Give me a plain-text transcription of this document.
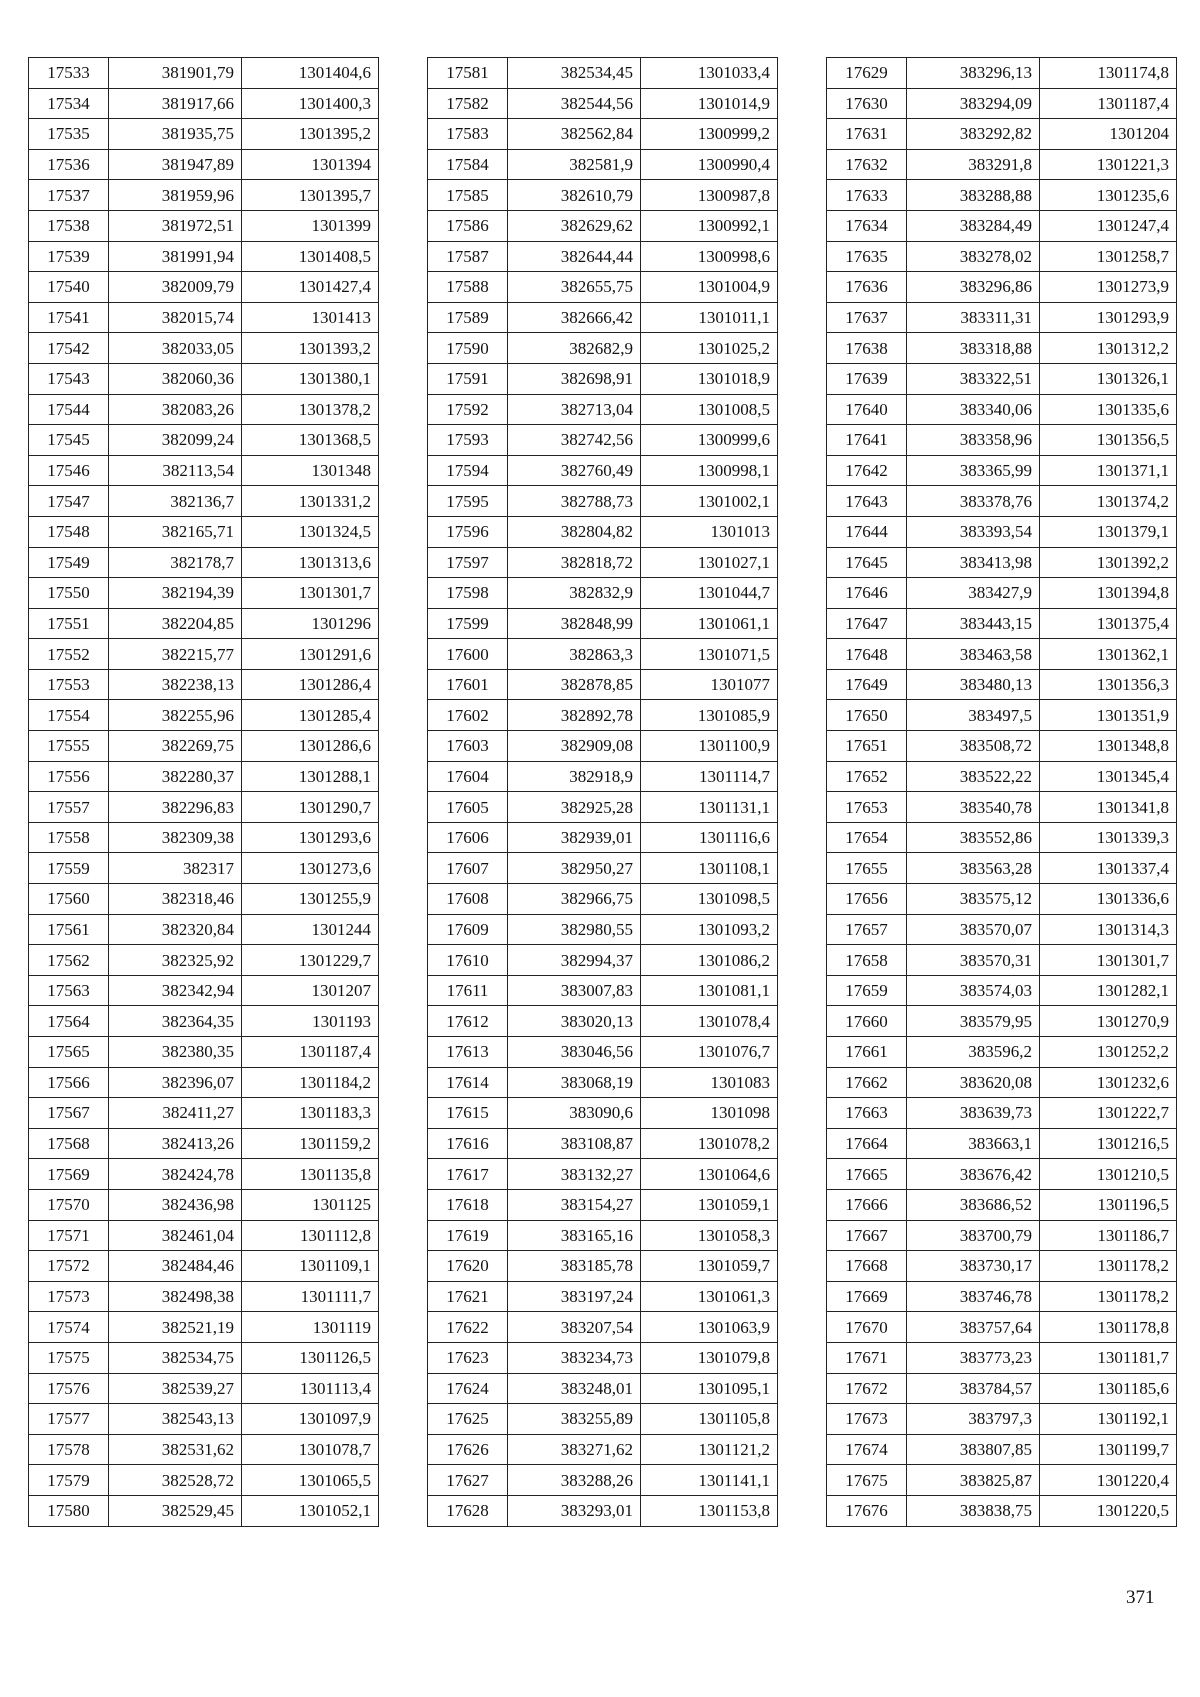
17533	381901,79	1301404,6
17534	381917,66	1301400,3
17535	381935,75	1301395,2
17536	381947,89	1301394
17537	381959,96	1301395,7
17538	381972,51	1301399
17539	381991,94	1301408,5
17540	382009,79	1301427,4
17541	382015,74	1301413
17542	382033,05	1301393,2
17543	382060,36	1301380,1
17544	382083,26	1301378,2
17545	382099,24	1301368,5
17546	382113,54	1301348
17547	382136,7	1301331,2
17548	382165,71	1301324,5
17549	382178,7	1301313,6
17550	382194,39	1301301,7
17551	382204,85	1301296
17552	382215,77	1301291,6
17553	382238,13	1301286,4
17554	382255,96	1301285,4
17555	382269,75	1301286,6
17556	382280,37	1301288,1
17557	382296,83	1301290,7
17558	382309,38	1301293,6
17559	382317	1301273,6
17560	382318,46	1301255,9
17561	382320,84	1301244
17562	382325,92	1301229,7
17563	382342,94	1301207
17564	382364,35	1301193
17565	382380,35	1301187,4
17566	382396,07	1301184,2
17567	382411,27	1301183,3
17568	382413,26	1301159,2
17569	382424,78	1301135,8
17570	382436,98	1301125
17571	382461,04	1301112,8
17572	382484,46	1301109,1
17573	382498,38	1301111,7
17574	382521,19	1301119
17575	382534,75	1301126,5
17576	382539,27	1301113,4
17577	382543,13	1301097,9
17578	382531,62	1301078,7
17579	382528,72	1301065,5
17580	382529,45	1301052,1
17581	382534,45	1301033,4
17582	382544,56	1301014,9
17583	382562,84	1300999,2
17584	382581,9	1300990,4
17585	382610,79	1300987,8
17586	382629,62	1300992,1
17587	382644,44	1300998,6
17588	382655,75	1301004,9
17589	382666,42	1301011,1
17590	382682,9	1301025,2
17591	382698,91	1301018,9
17592	382713,04	1301008,5
17593	382742,56	1300999,6
17594	382760,49	1300998,1
17595	382788,73	1301002,1
17596	382804,82	1301013
17597	382818,72	1301027,1
17598	382832,9	1301044,7
17599	382848,99	1301061,1
17600	382863,3	1301071,5
17601	382878,85	1301077
17602	382892,78	1301085,9
17603	382909,08	1301100,9
17604	382918,9	1301114,7
17605	382925,28	1301131,1
17606	382939,01	1301116,6
17607	382950,27	1301108,1
17608	382966,75	1301098,5
17609	382980,55	1301093,2
17610	382994,37	1301086,2
17611	383007,83	1301081,1
17612	383020,13	1301078,4
17613	383046,56	1301076,7
17614	383068,19	1301083
17615	383090,6	1301098
17616	383108,87	1301078,2
17617	383132,27	1301064,6
17618	383154,27	1301059,1
17619	383165,16	1301058,3
17620	383185,78	1301059,7
17621	383197,24	1301061,3
17622	383207,54	1301063,9
17623	383234,73	1301079,8
17624	383248,01	1301095,1
17625	383255,89	1301105,8
17626	383271,62	1301121,2
17627	383288,26	1301141,1
17628	383293,01	1301153,8
17629	383296,13	1301174,8
17630	383294,09	1301187,4
17631	383292,82	1301204
17632	383291,8	1301221,3
17633	383288,88	1301235,6
17634	383284,49	1301247,4
17635	383278,02	1301258,7
17636	383296,86	1301273,9
17637	383311,31	1301293,9
17638	383318,88	1301312,2
17639	383322,51	1301326,1
17640	383340,06	1301335,6
17641	383358,96	1301356,5
17642	383365,99	1301371,1
17643	383378,76	1301374,2
17644	383393,54	1301379,1
17645	383413,98	1301392,2
17646	383427,9	1301394,8
17647	383443,15	1301375,4
17648	383463,58	1301362,1
17649	383480,13	1301356,3
17650	383497,5	1301351,9
17651	383508,72	1301348,8
17652	383522,22	1301345,4
17653	383540,78	1301341,8
17654	383552,86	1301339,3
17655	383563,28	1301337,4
17656	383575,12	1301336,6
17657	383570,07	1301314,3
17658	383570,31	1301301,7
17659	383574,03	1301282,1
17660	383579,95	1301270,9
17661	383596,2	1301252,2
17662	383620,08	1301232,6
17663	383639,73	1301222,7
17664	383663,1	1301216,5
17665	383676,42	1301210,5
17666	383686,52	1301196,5
17667	383700,79	1301186,7
17668	383730,17	1301178,2
17669	383746,78	1301178,2
17670	383757,64	1301178,8
17671	383773,23	1301181,7
17672	383784,57	1301185,6
17673	383797,3	1301192,1
17674	383807,85	1301199,7
17675	383825,87	1301220,4
17676	383838,75	1301220,5
371
